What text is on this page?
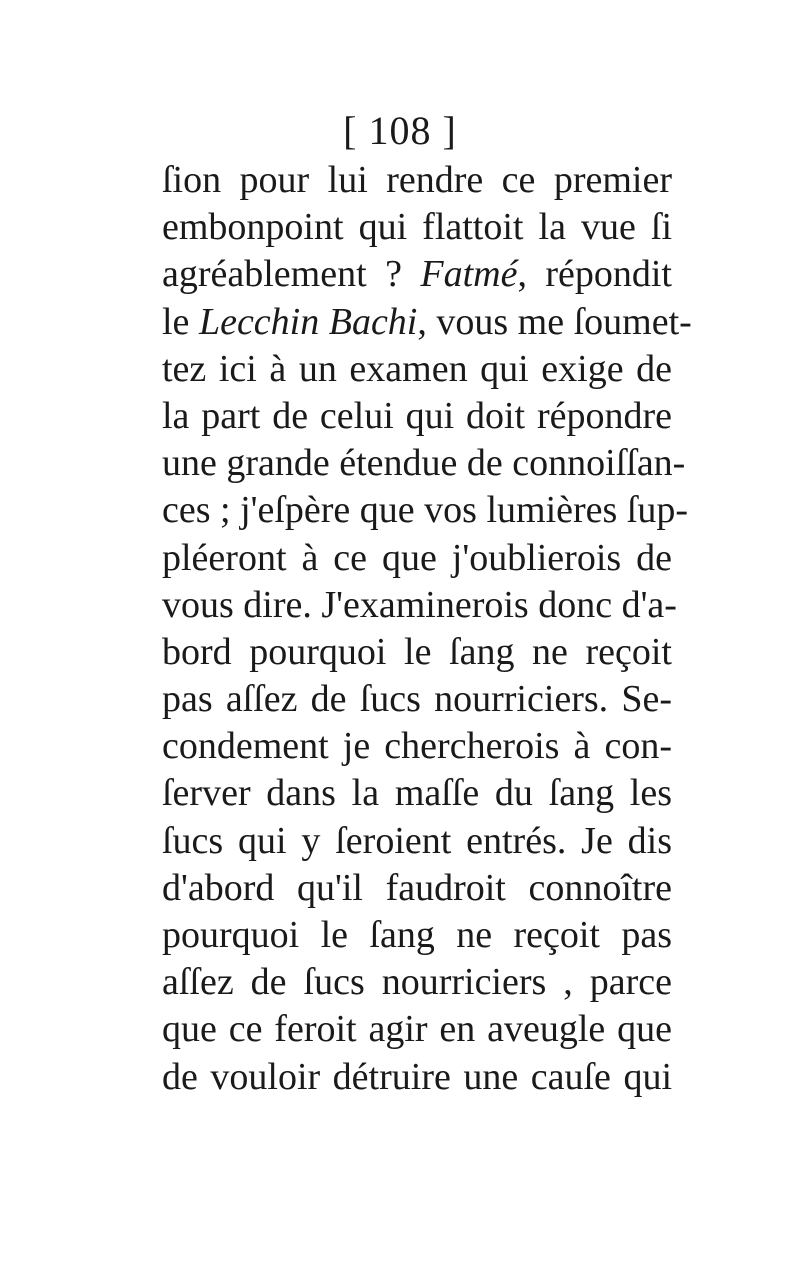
[ 108 ]
ſion pour lui rendre ce premier
embonpoint qui flattoit la vue ſi
agréablement ? Fatmé, répondit
le Lecchin Bachi, vous me ſoumet-
tez ici à un examen qui exige de
la part de celui qui doit répondre
une grande étendue de connoiſſan-
ces ; j'eſpère que vos lumières ſup-
pléeront à ce que j'oublierois de
vous dire. J'examinerois donc d'a-
bord pourquoi le ſang ne reçoit
pas aſſez de ſucs nourriciers. Se-
condement je chercherois à con-
ſerver dans la maſſe du ſang les
ſucs qui y ſeroient entrés. Je dis
d'abord qu'il faudroit connoître
pourquoi le ſang ne reçoit pas
aſſez de ſucs nourriciers , parce
que ce feroit agir en aveugle que
de vouloir détruire une cauſe qui
